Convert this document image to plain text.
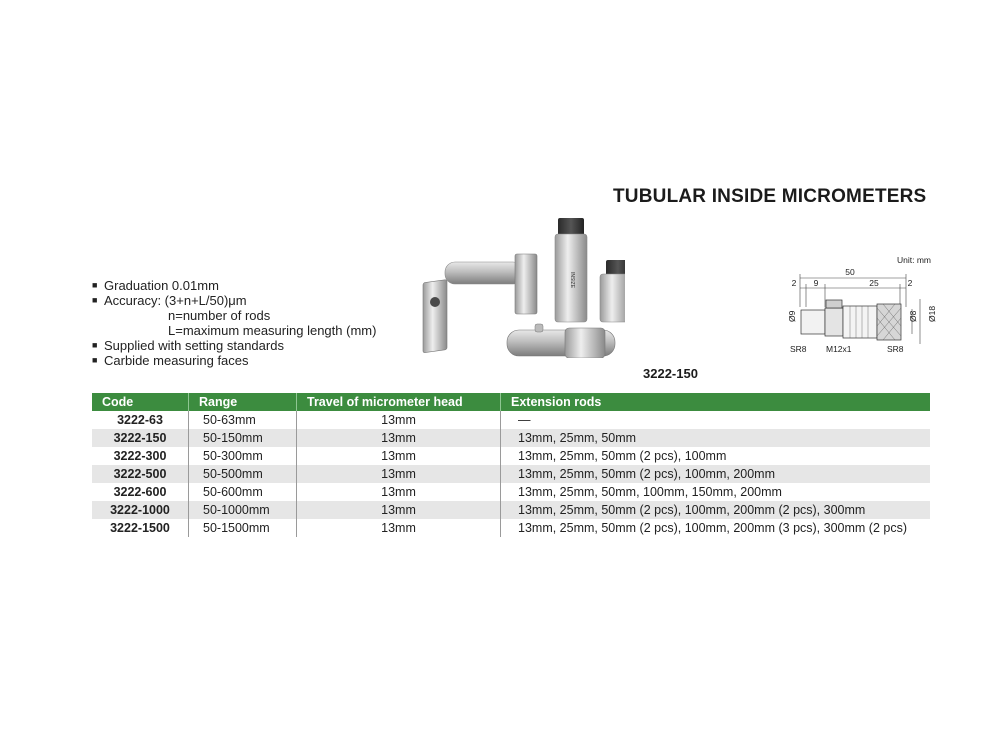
TUBULAR INSIDE MICROMETERS
■ Graduation 0.01mm
■ Accuracy: (3+n+L/50)μm
n=number of rods
L=maximum measuring length (mm)
■ Supplied with setting standards
■ Carbide measuring faces
INSIZE
3222-150
Unit: mm
50
2 9	25	2
Ø9	Ø8 Ø18
SR8 M12x1	SR8
Code	Range	Travel of micrometer head	Extension rods
3222-63	50-63mm	13mm	—
3222-150	50-150mm	13mm	13mm, 25mm, 50mm
3222-300	50-300mm	13mm	13mm, 25mm, 50mm (2 pcs), 100mm
3222-500	50-500mm	13mm	13mm, 25mm, 50mm (2 pcs), 100mm, 200mm
3222-600	50-600mm	13mm	13mm, 25mm, 50mm, 100mm, 150mm, 200mm
3222-1000	50-1000mm	13mm	13mm, 25mm, 50mm (2 pcs), 100mm, 200mm (2 pcs), 300mm
3222-1500	50-1500mm	13mm	13mm, 25mm, 50mm (2 pcs), 100mm, 200mm (3 pcs), 300mm (2 pcs)
